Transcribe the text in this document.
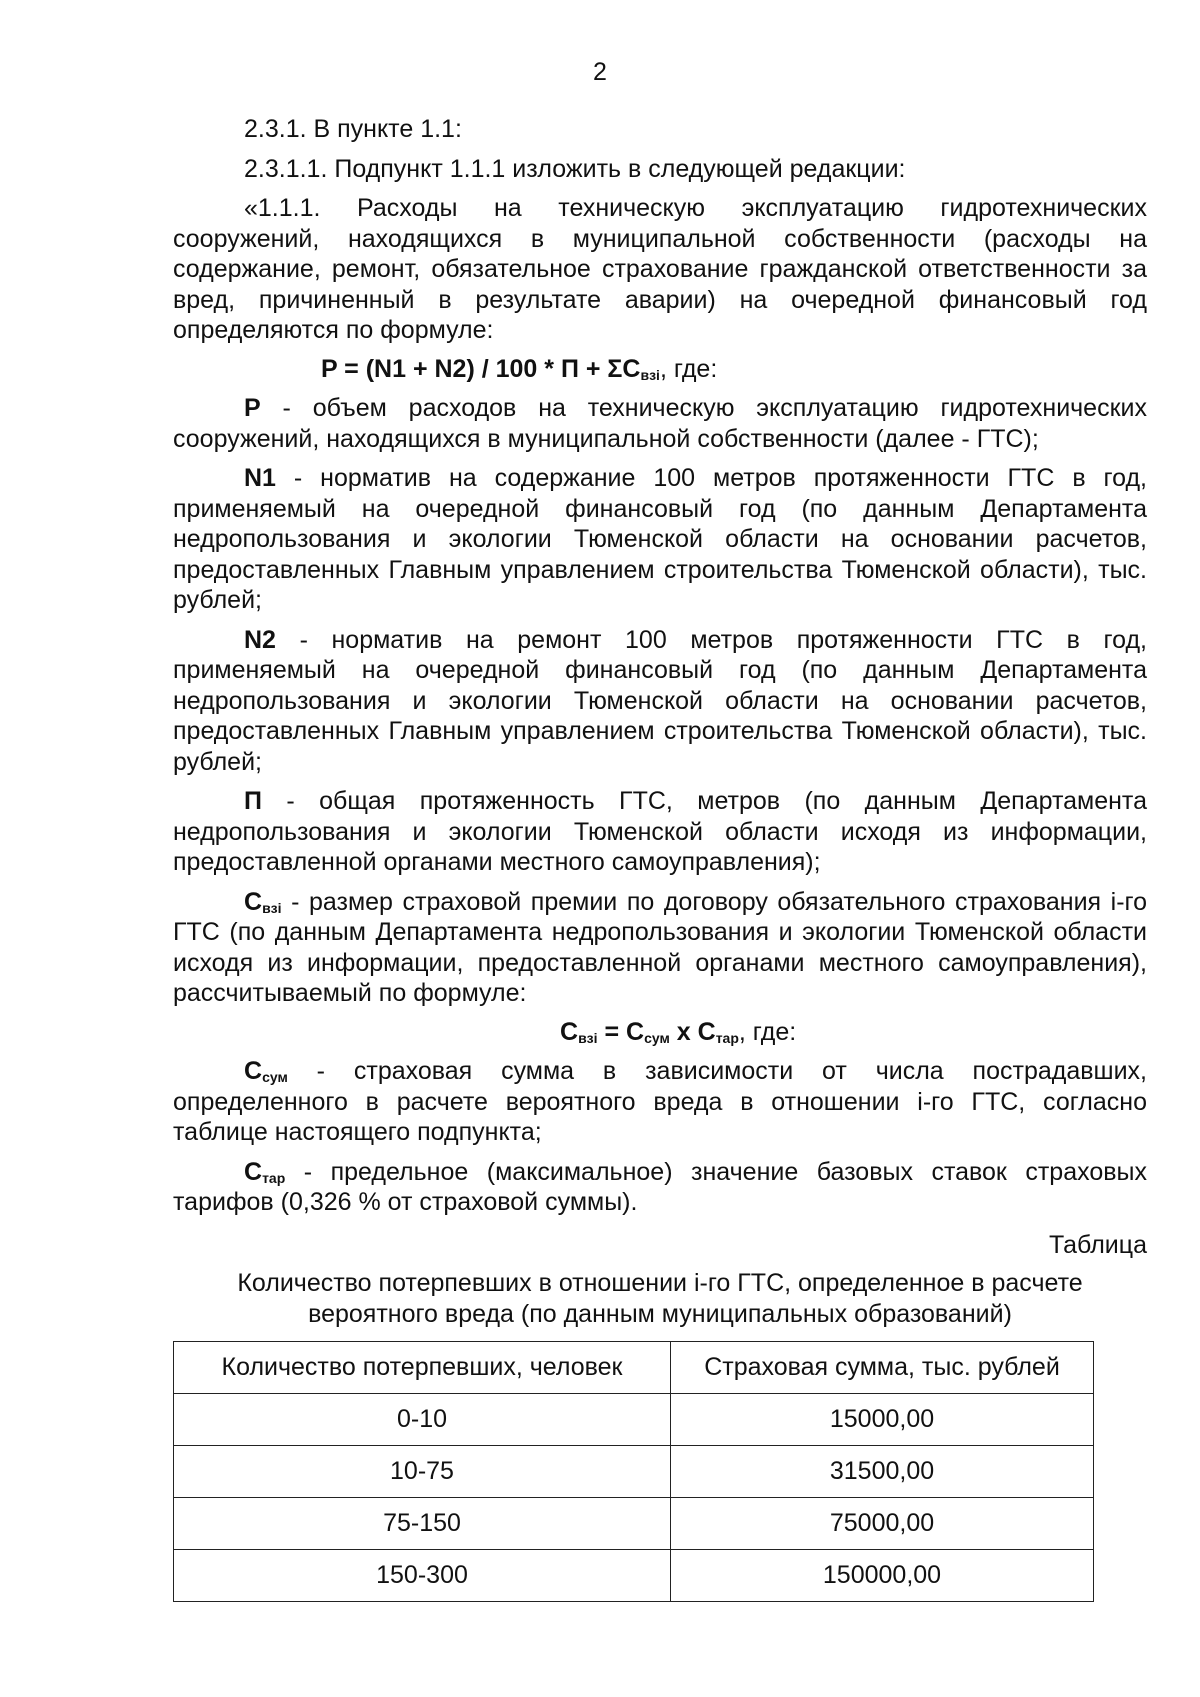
2

2.3.1. В пункте 1.1:

2.3.1.1. Подпункт 1.1.1 изложить в следующей редакции:

«1.1.1. Расходы на техническую эксплуатацию гидротехнических сооружений, находящихся в муниципальной собственности (расходы на содержание, ремонт, обязательное страхование гражданской ответственности за вред, причиненный в результате аварии) на очередной финансовый год определяются по формуле:

$P = (N1 + N2) / 100 * П + \Sigma С_{взi}$, где:

P - объем расходов на техническую эксплуатацию гидротехнических сооружений, находящихся в муниципальной собственности (далее - ГТС);

N1 - норматив на содержание 100 метров протяженности ГТС в год, применяемый на очередной финансовый год (по данным Департамента недропользования и экологии Тюменской области на основании расчетов, предоставленных Главным управлением строительства Тюменской области), тыс. рублей;

N2 - норматив на ремонт 100 метров протяженности ГТС в год, применяемый на очередной финансовый год (по данным Департамента недропользования и экологии Тюменской области на основании расчетов, предоставленных Главным управлением строительства Тюменской области), тыс. рублей;

П - общая протяженность ГТС, метров (по данным Департамента недропользования и экологии Тюменской области исходя из информации, предоставленной органами местного самоуправления);

$С_{взi}$ - размер страховой премии по договору обязательного страхования i-го ГТС (по данным Департамента недропользования и экологии Тюменской области исходя из информации, предоставленной органами местного самоуправления), рассчитываемый по формуле:

$С_{взi} = С_{сум}$ х $С_{тар}$, где:

$С_{сум}$ - страховая сумма в зависимости от числа пострадавших, определенного в расчете вероятного вреда в отношении i-го ГТС, согласно таблице настоящего подпункта;

$С_{тар}$ - предельное (максимальное) значение базовых ставок страховых тарифов (0,326 % от страховой суммы).

Таблица

Количество потерпевших в отношении i-го ГТС, определенное в расчете вероятного вреда (по данным муниципальных образований)

Количество потерпевших, человек	Страховая сумма, тыс. рублей
0-10	15000,00
10-75	31500,00
75-150	75000,00
150-300	150000,00
